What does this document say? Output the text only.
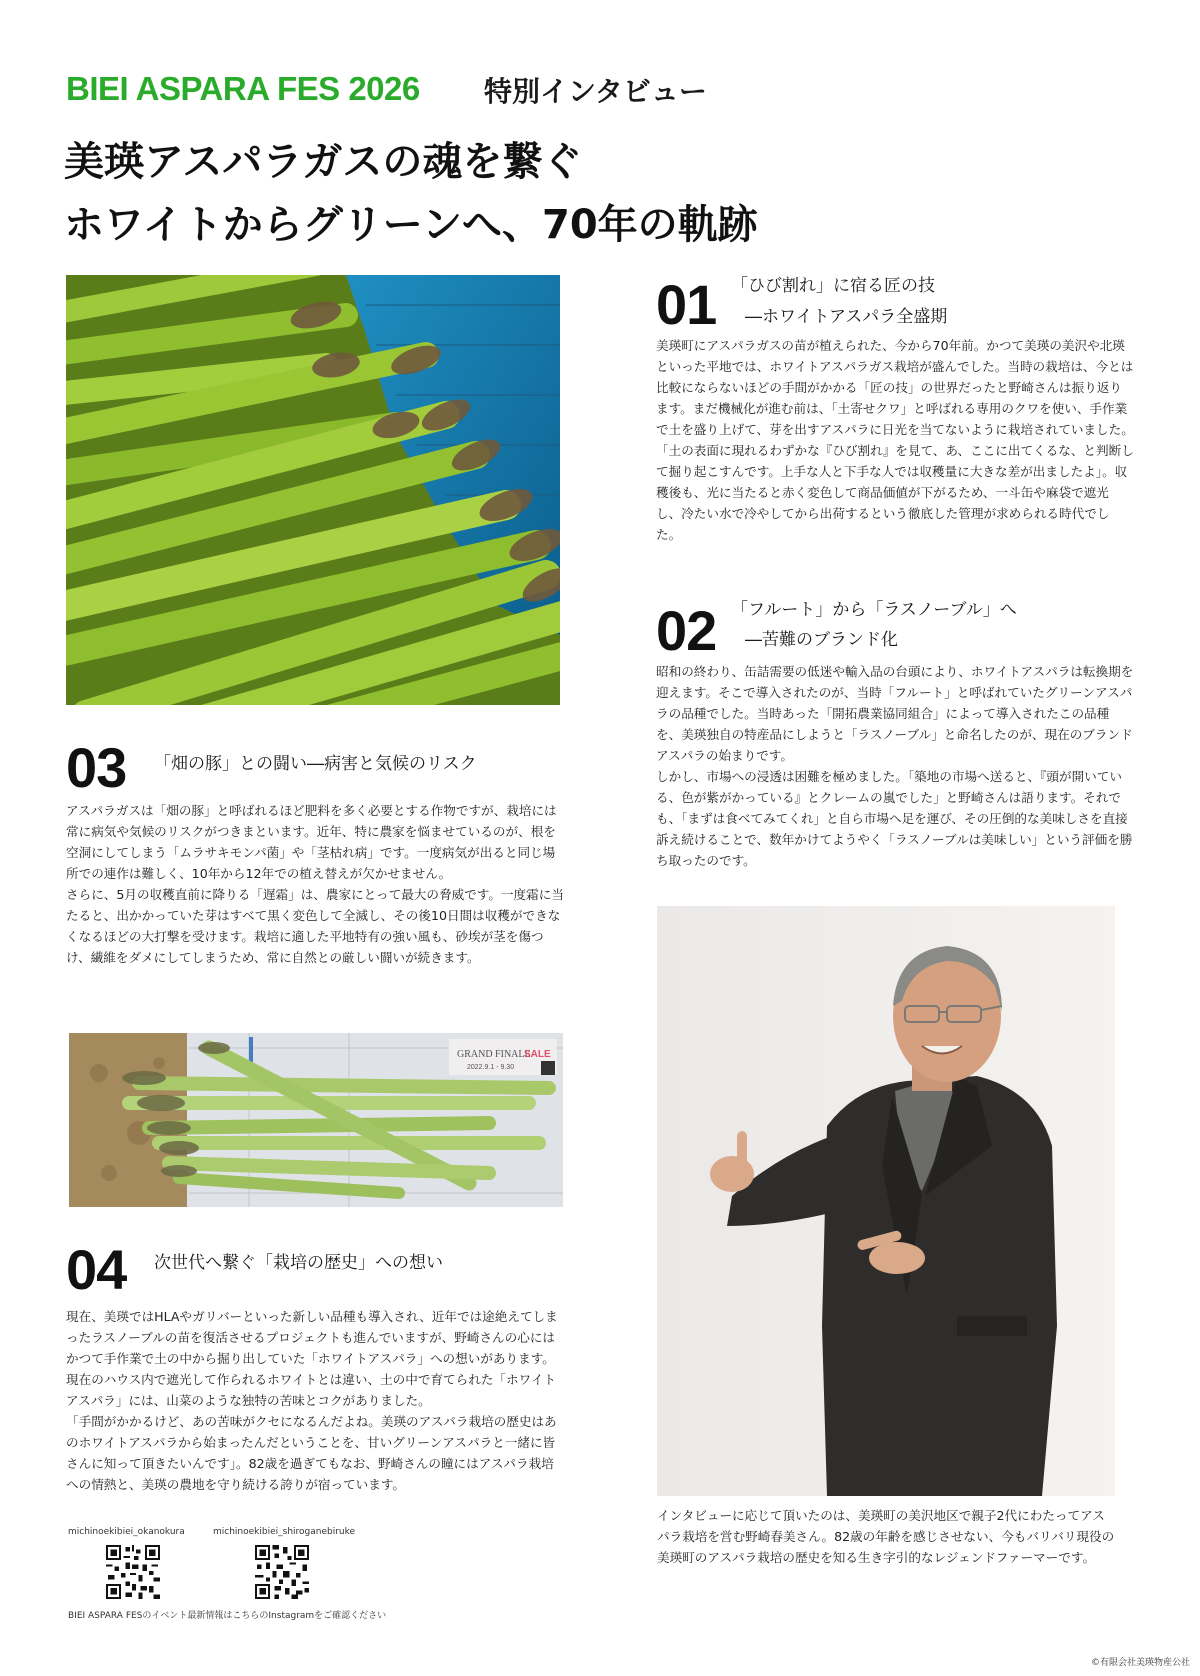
BIEI ASPARA FES 2026 特別インタビュー
美瑛アスパラガスの魂を繋ぐ
ホワイトからグリーンへ、70年の軌跡
01 「ひび割れ」に宿る匠の技
―ホワイトアスパラ全盛期

美瑛町にアスパラガスの苗が植えられた、今から70年前。かつて美瑛の美沢や北瑛といった平地では、ホワイトアスパラガス栽培が盛んでした。当時の栽培は、今とは比較にならないほどの手間がかかる「匠の技」の世界だったと野崎さんは振り返ります。まだ機械化が進む前は、「土寄せクワ」と呼ばれる専用のクワを使い、手作業で土を盛り上げて、芽を出すアスパラに日光を当てないように栽培されていました。

「土の表面に現れるわずかな『ひび割れ』を見て、あ、ここに出てくるな、と判断して掘り起こすんです。上手な人と下手な人では収穫量に大きな差が出ましたよ」。収穫後も、光に当たると赤く変色して商品価値が下がるため、一斗缶や麻袋で遮光し、冷たい水で冷やしてから出荷するという徹底した管理が求められる時代でした。

02 「フルート」から「ラスノーブル」へ
―苦難のブランド化

昭和の終わり、缶詰需要の低迷や輸入品の台頭により、ホワイトアスパラは転換期を迎えます。そこで導入されたのが、当時「フルート」と呼ばれていたグリーンアスパラの品種でした。当時あった「開拓農業協同組合」によって導入されたこの品種を、美瑛独自の特産品にしようと「ラスノーブル」と命名したのが、現在のブランドアスパラの始まりです。

しかし、市場への浸透は困難を極めました。「築地の市場へ送ると、『頭が開いている、色が紫がかっている』とクレームの嵐でした」と野崎さんは語ります。それでも、「まずは食べてみてくれ」と自ら市場へ足を運び、その圧倒的な美味しさを直接訴え続けることで、数年かけてようやく「ラスノーブルは美味しい」という評価を勝ち取ったのです。

03 「畑の豚」との闘い―病害と気候のリスク

アスパラガスは「畑の豚」と呼ばれるほど肥料を多く必要とする作物ですが、栽培には常に病気や気候のリスクがつきまといます。近年、特に農家を悩ませているのが、根を空洞にしてしまう「ムラサキモンパ菌」や「茎枯れ病」です。一度病気が出ると同じ場所での連作は難しく、10年から12年での植え替えが欠かせません。

さらに、5月の収穫直前に降りる「遅霜」は、農家にとって最大の脅威です。一度霜に当たると、出かかっていた芽はすべて黒く変色して全滅し、その後10日間は収穫ができなくなるほどの大打撃を受けます。栽培に適した平地特有の強い風も、砂埃が茎を傷つけ、繊維をダメにしてしまうため、常に自然との厳しい闘いが続きます。

GRAND FINALE
SALE
2022.9.1 - 9.30
04 次世代へ繋ぐ「栽培の歴史」への想い

現在、美瑛ではHLAやガリバーといった新しい品種も導入され、近年では途絶えてしまったラスノーブルの苗を復活させるプロジェクトも進んでいますが、野崎さんの心にはかつて手作業で土の中から掘り出していた「ホワイトアスパラ」への想いがあります。現在のハウス内で遮光して作られるホワイトとは違い、土の中で育てられた「ホワイトアスパラ」には、山菜のような独特の苦味とコクがありました。

「手間がかかるけど、あの苦味がクセになるんだよね。美瑛のアスパラ栽培の歴史はあのホワイトアスパラから始まったんだということを、甘いグリーンアスパラと一緒に皆さんに知って頂きたいんです」。82歳を過ぎてもなお、野崎さんの瞳にはアスパラ栽培への情熱と、美瑛の農地を守り続ける誇りが宿っています。

インタビューに応じて頂いたのは、美瑛町の美沢地区で親子2代にわたってアスパラ栽培を営む野崎春美さん。82歳の年齢を感じさせない、今もバリバリ現役の美瑛町のアスパラ栽培の歴史を知る生き字引的なレジェンドファーマーです。
michinoekibiei_okanokura	michinoekibiei_shiroganebiruke
BIEI ASPARA FESのイベント最新情報はこちらのInstagramをご確認ください
©有限会社美瑛物産公社
